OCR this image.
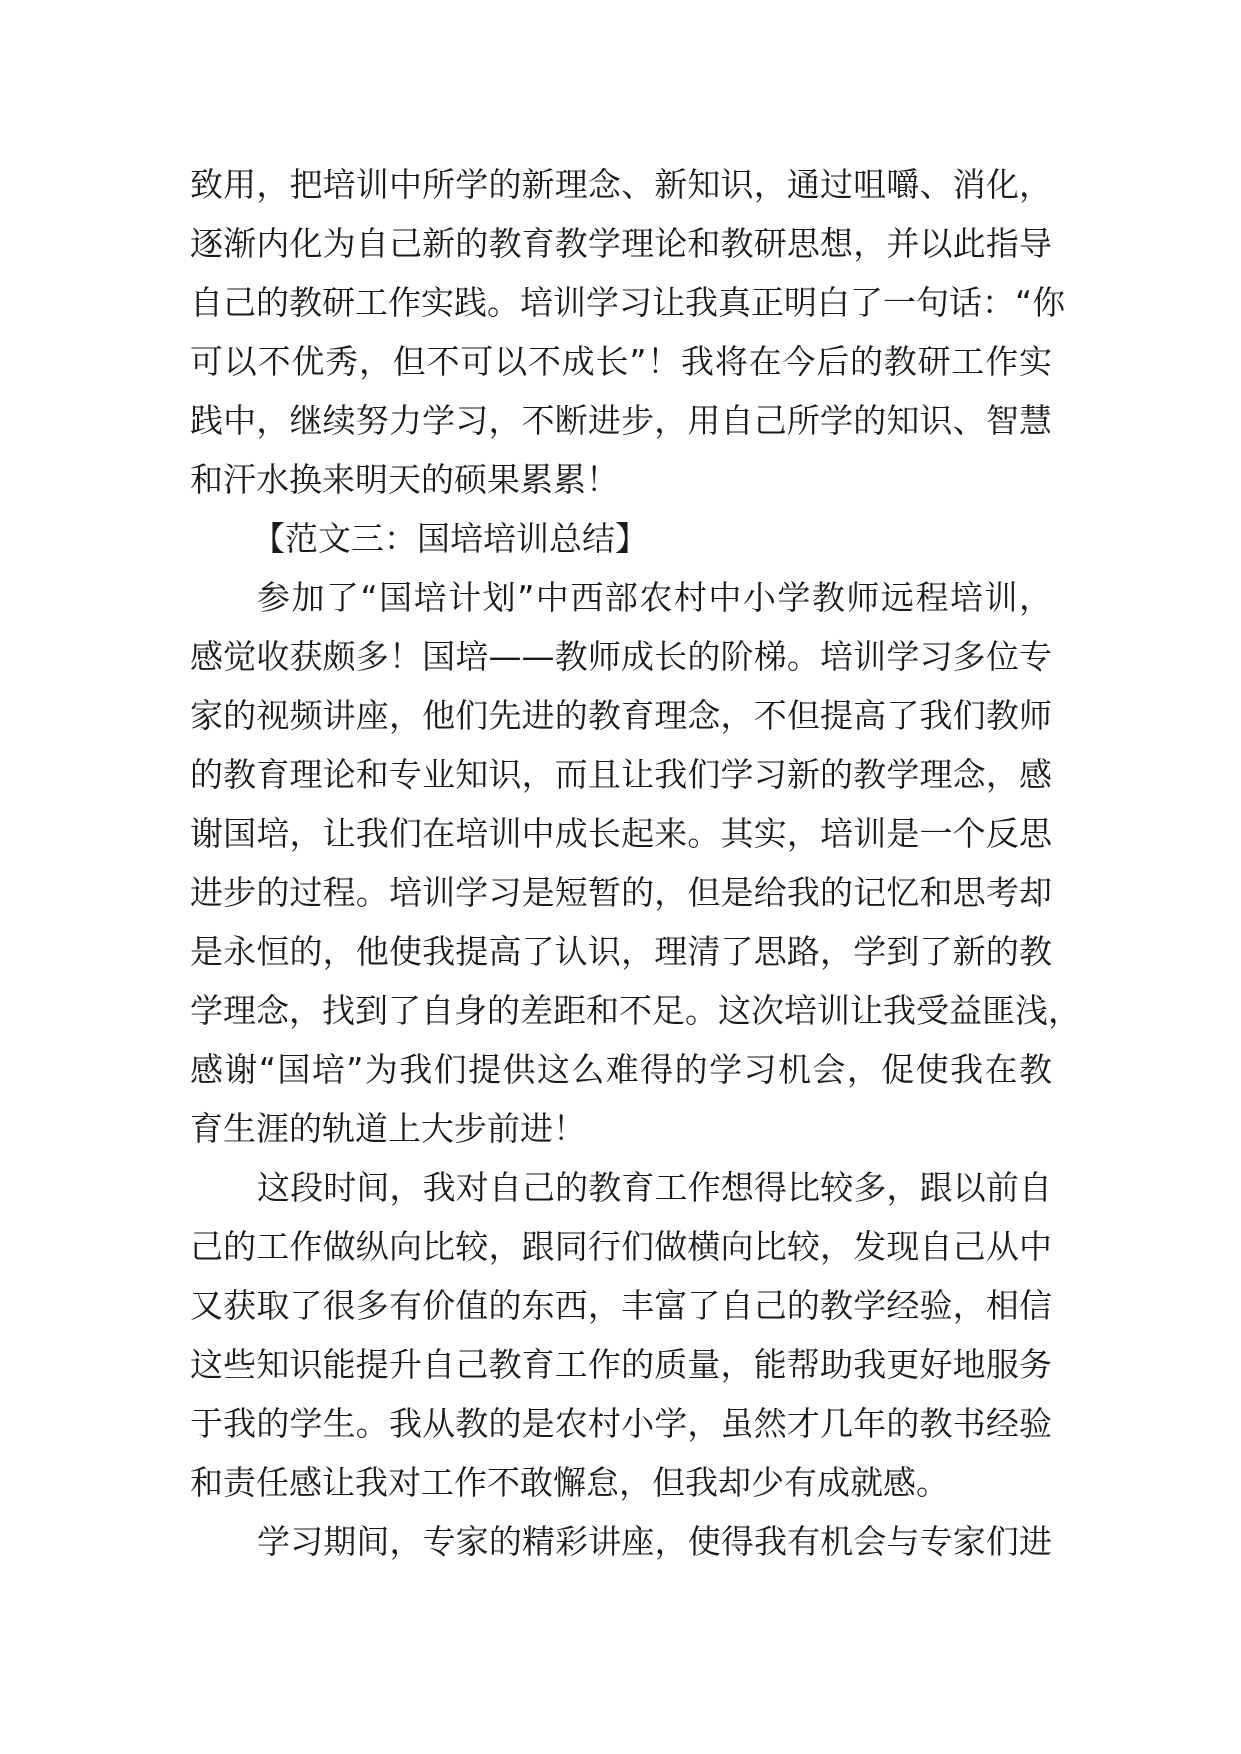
致用，把培训中所学的新理念、新知识，通过咀嚼、消化，
逐渐内化为自己新的教育教学理论和教研思想，并以此指导
自己的教研工作实践。培训学习让我真正明白了一句话：“你
可以不优秀，但不可以不成长”！我将在今后的教研工作实
践中，继续努力学习，不断进步，用自己所学的知识、智慧
和汗水换来明天的硕果累累！
【范文三：国培培训总结】
参加了“国培计划”中西部农村中小学教师远程培训，
感觉收获颇多！国培——教师成长的阶梯。培训学习多位专
家的视频讲座，他们先进的教育理念，不但提高了我们教师
的教育理论和专业知识，而且让我们学习新的教学理念，感
谢国培，让我们在培训中成长起来。其实，培训是一个反思
进步的过程。培训学习是短暂的，但是给我的记忆和思考却
是永恒的，他使我提高了认识，理清了思路，学到了新的教
学理念，找到了自身的差距和不足。这次培训让我受益匪浅，
感谢“国培”为我们提供这么难得的学习机会，促使我在教
育生涯的轨道上大步前进！
这段时间，我对自己的教育工作想得比较多，跟以前自
己的工作做纵向比较，跟同行们做横向比较，发现自己从中
又获取了很多有价值的东西，丰富了自己的教学经验，相信
这些知识能提升自己教育工作的质量，能帮助我更好地服务
于我的学生。我从教的是农村小学，虽然才几年的教书经验
和责任感让我对工作不敢懈怠，但我却少有成就感。
学习期间，专家的精彩讲座，使得我有机会与专家们进
